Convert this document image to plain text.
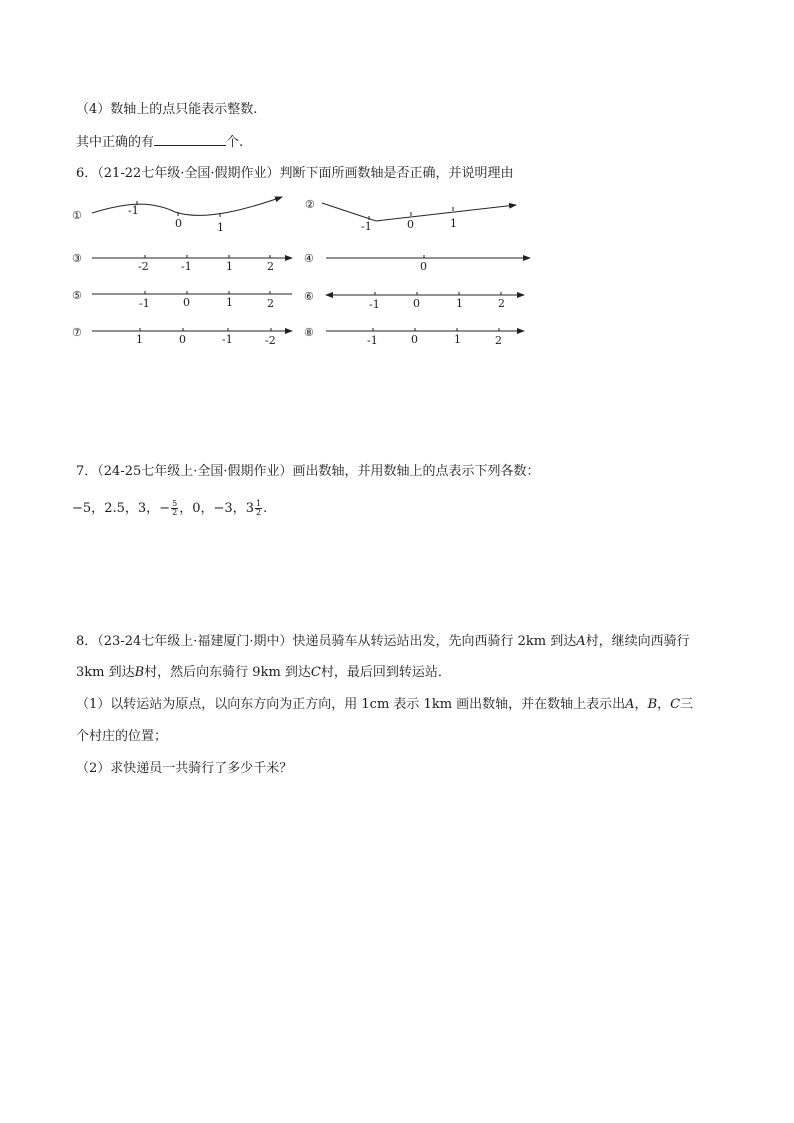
（4）数轴上的点只能表示整数.
其中正确的有	个.
6．（21-22七年级·全国·假期作业）判断下面所画数轴是否正确，并说明理由
①
②
③	④
⑤	⑥
⑦	⑧
-1
0	1	-1	0	1
-2	-1	1	2	0
-1	0	1	2	-1	0	1	2
1	0	-1	-2	-1	0	1	2
7．（24-25七年级上·全国·假期作业）画出数轴，并用数轴上的点表示下列各数：
−5，2.5，3，− $\frac{5}{2}$ ，0，−3，$3 \frac{1}{2}$ .
8．（23-24七年级上·福建厦门·期中）快递员骑车从转运站出发，先向西骑行 2km 到达A村，继续向西骑行
3km 到达B村，然后向东骑行 9km 到达C村，最后回到转运站．
（1）以转运站为原点，以向东方向为正方向，用 1cm 表示 1km 画出数轴，并在数轴上表示出A，B，C三
个村庄的位置；
（2）求快递员一共骑行了多少千米？
